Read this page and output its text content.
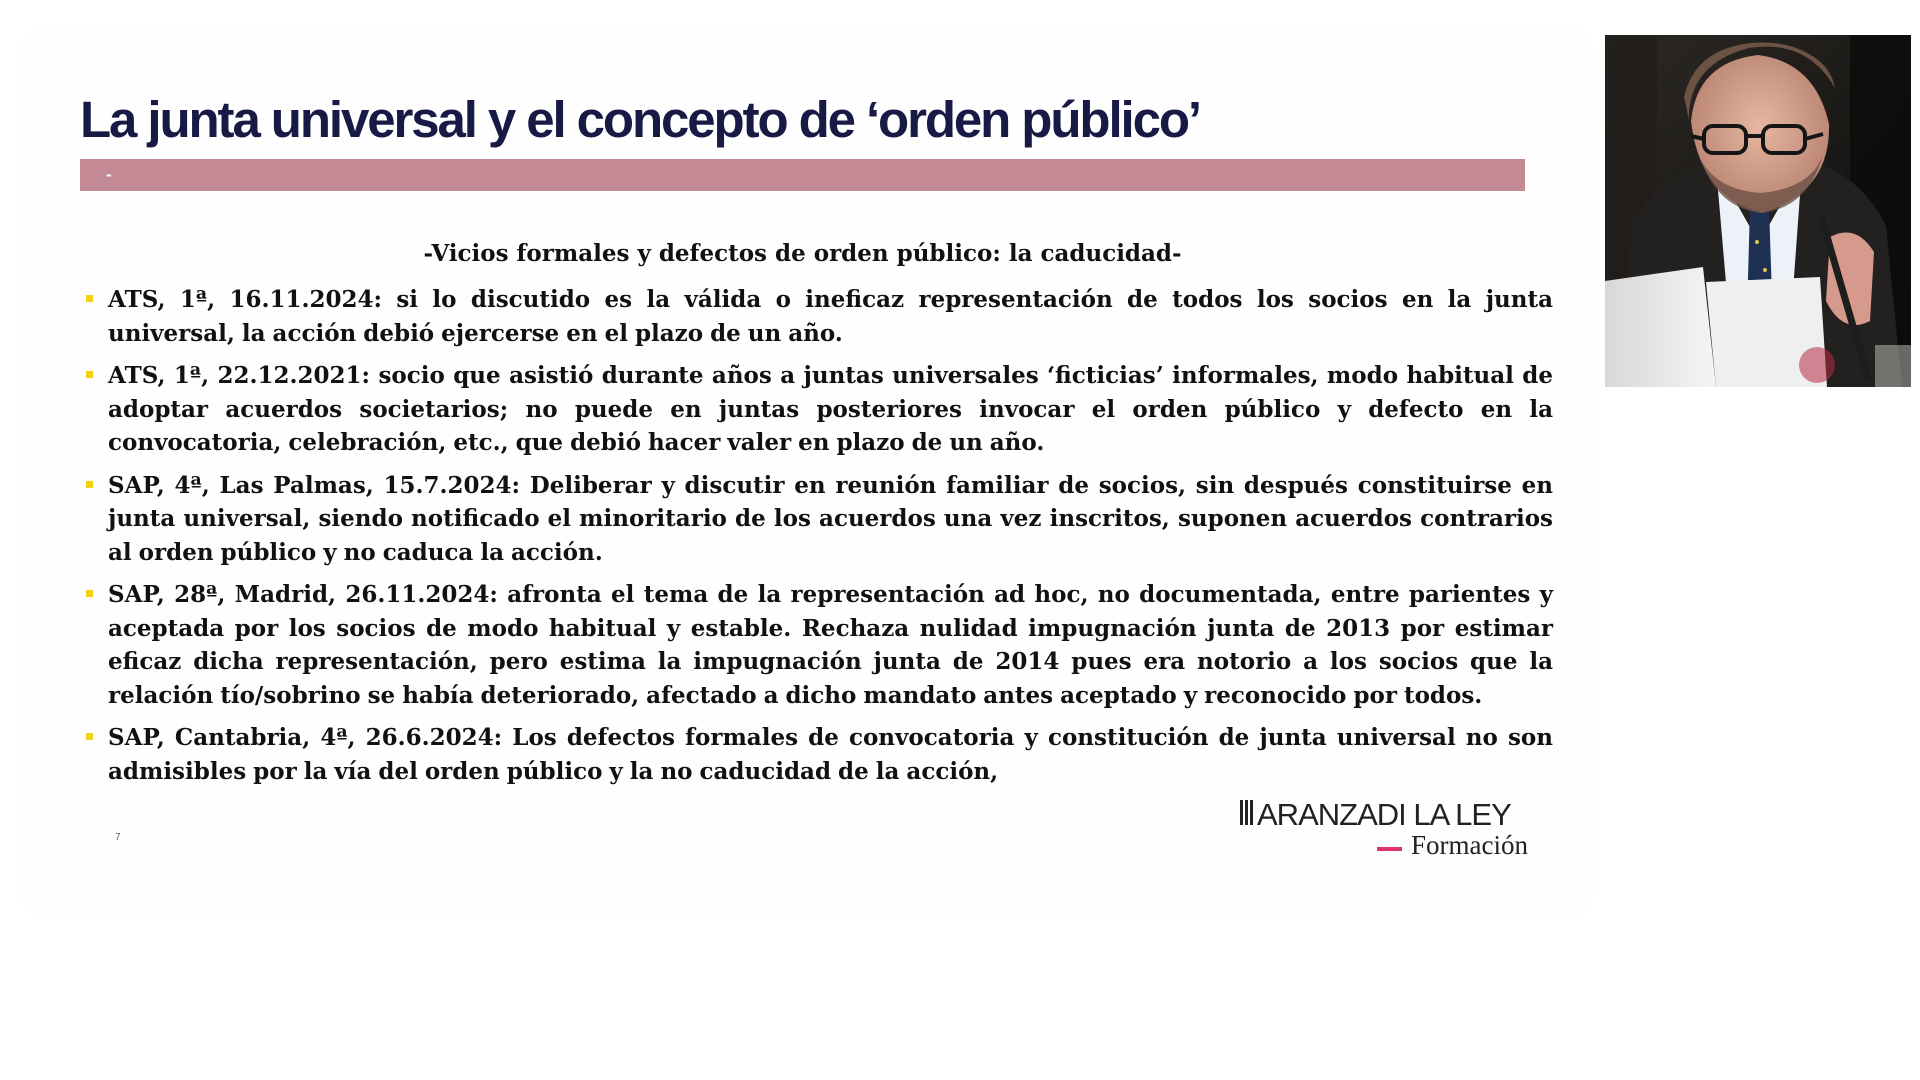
La junta universal y el concepto de ‘orden público’
-
-Vicios formales y defectos de orden público: la caducidad-

ATS, 1ª, 16.11.2024: si lo discutido es la válida o ineficaz representación de todos los socios en la junta universal, la acción debió ejercerse en el plazo de un año.

ATS, 1ª, 22.12.2021: socio que asistió durante años a juntas universales ‘ficticias’ informales, modo habitual de adoptar acuerdos societarios; no puede en juntas posteriores invocar el orden público y defecto en la convocatoria, celebración, etc., que debió hacer valer en plazo de un año.

SAP, 4ª, Las Palmas, 15.7.2024: Deliberar y discutir en reunión familiar de socios, sin después constituirse en junta universal, siendo notificado el minoritario de los acuerdos una vez inscritos, suponen acuerdos contrarios al orden público y no caduca la acción.

SAP, 28ª, Madrid, 26.11.2024: afronta el tema de la representación ad hoc, no documentada, entre parientes y aceptada por los socios de modo habitual y estable. Rechaza nulidad impugnación junta de 2013 por estimar eficaz dicha representación, pero estima la impugnación junta de 2014 pues era notorio a los socios que la relación tío/sobrino se había deteriorado, afectado a dicho mandato antes aceptado y reconocido por todos.

SAP, Cantabria, 4ª, 26.6.2024: Los defectos formales de convocatoria y constitución de junta universal no son admisibles por la vía del orden público y la no caducidad de la acción,

7

ARANZADI LA LEY

Formación
